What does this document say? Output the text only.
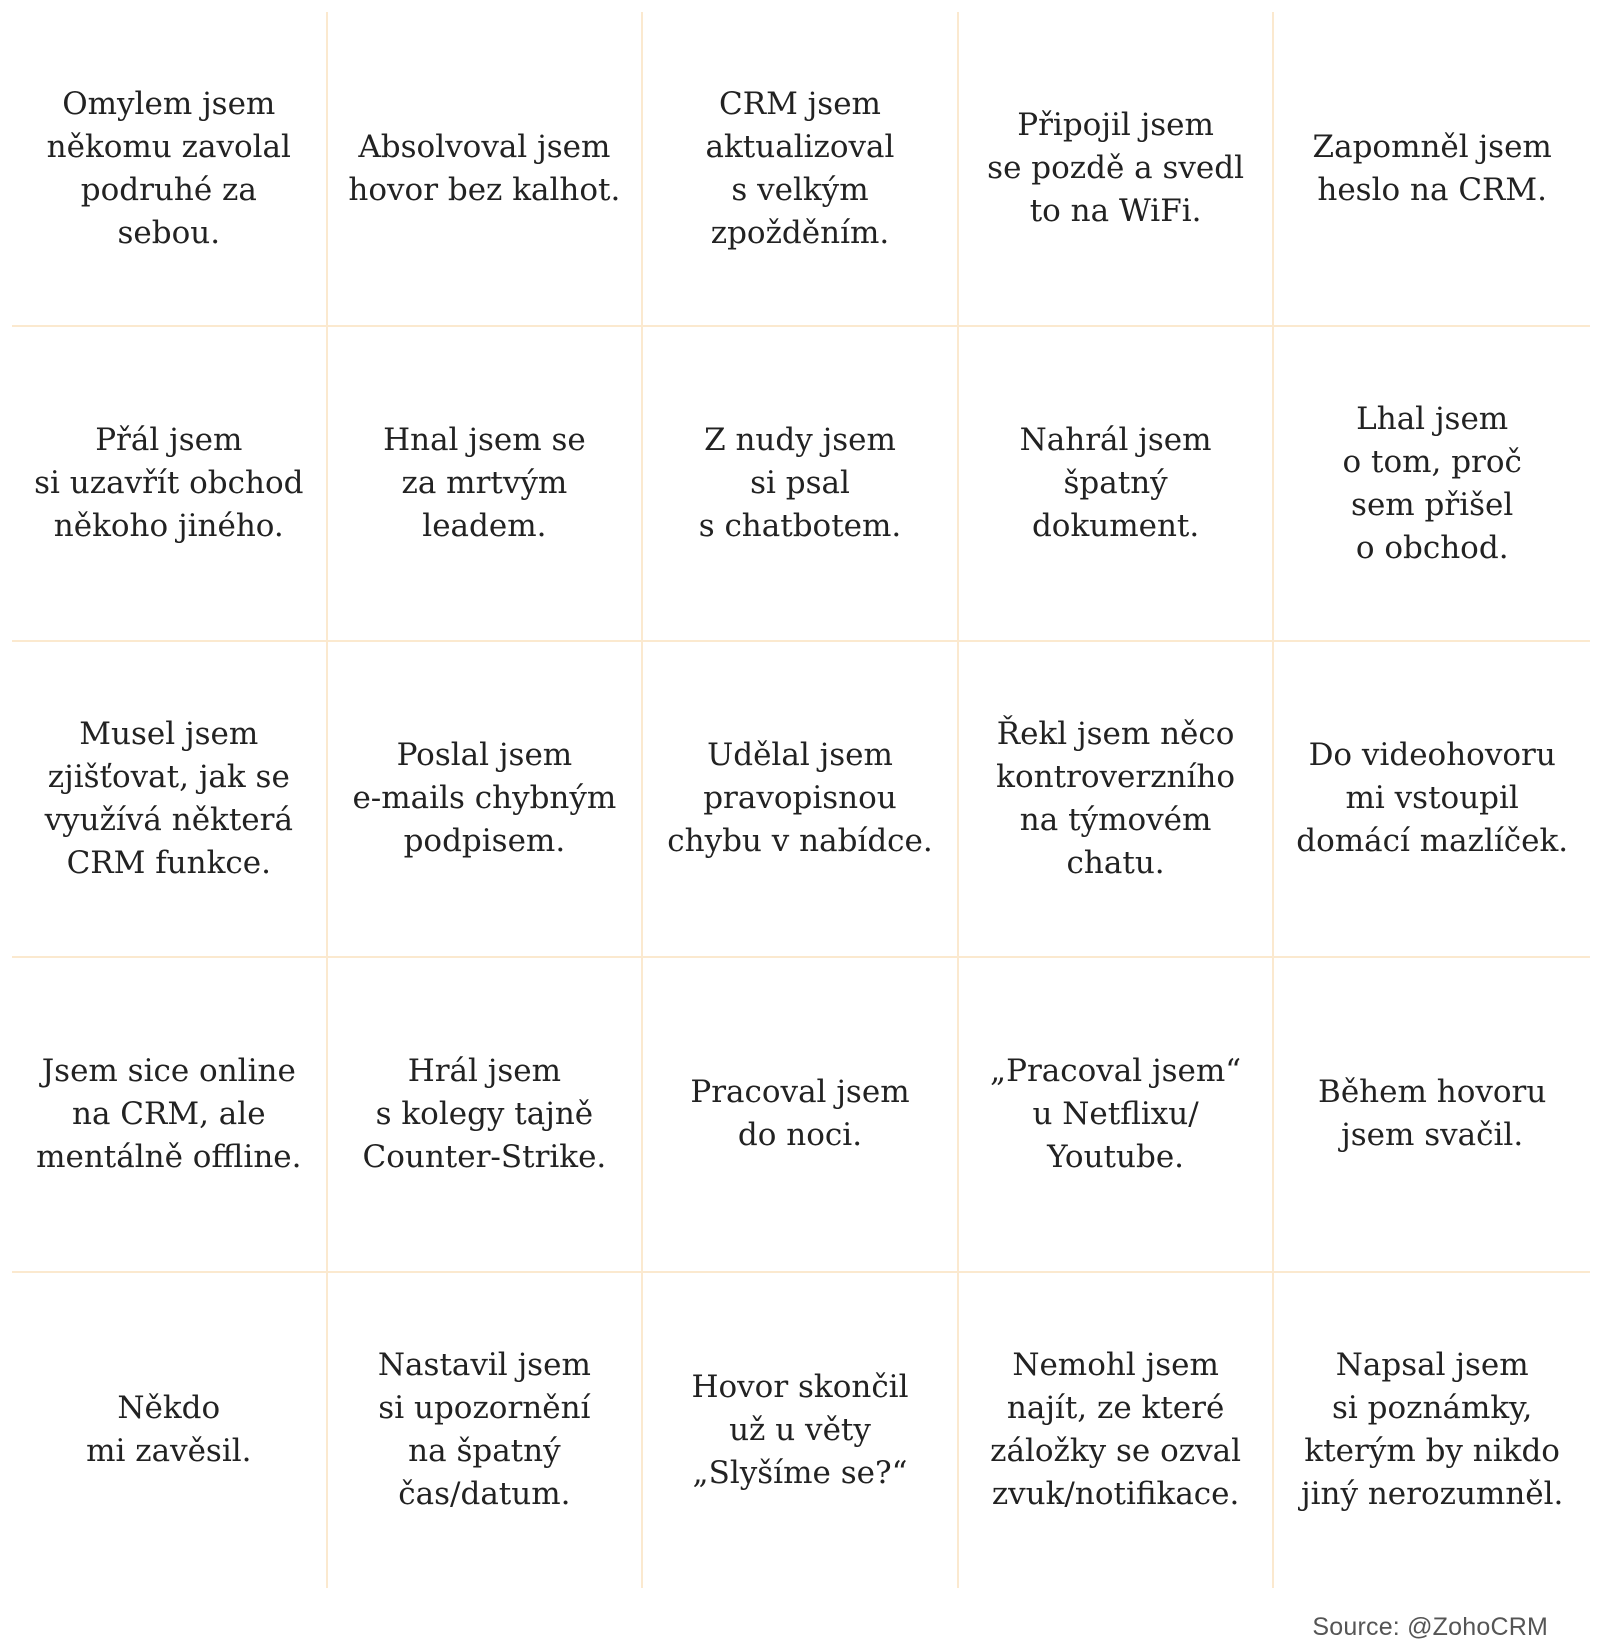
Omylem jsem
někomu zavolal
podruhé za sebou.
Absolvoval jsem
hovor bez kalhot.
CRM jsem
aktualizoval
s velkým
zpožděním.
Připojil jsem
se pozdě a svedl
to na WiFi.
Zapomněl jsem
heslo na CRM.
Přál jsem
si uzavřít obchod
někoho jiného.
Hnal jsem se
za mrtvým
leadem.
Z nudy jsem
si psal
s chatbotem.
Nahrál jsem
špatný
dokument.
Lhal jsem
o tom, proč
sem přišel
o obchod.
Musel jsem
zjišťovat, jak se
využívá některá
CRM funkce.
Poslal jsem
e-mails chybným
podpisem.
Udělal jsem
pravopisnou
chybu v nabídce.
Řekl jsem něco
kontroverzního
na týmovém
chatu.
Do videohovoru
mi vstoupil
domácí mazlíček.
Jsem sice online
na CRM, ale
mentálně offline.
Hrál jsem
s kolegy tajně
Counter-Strike.
Pracoval jsem
do noci.
„Pracoval jsem“
u Netflixu/
Youtube.
Během hovoru
jsem svačil.
Někdo
mi zavěsil.
Nastavil jsem
si upozornění
na špatný
čas/datum.
Hovor skončil
už u věty
„Slyšíme se?“
Nemohl jsem
najít, ze které
záložky se ozval
zvuk/notifikace.
Napsal jsem
si poznámky,
kterým by nikdo
jiný nerozumněl.
Source: @ZohoCRM
